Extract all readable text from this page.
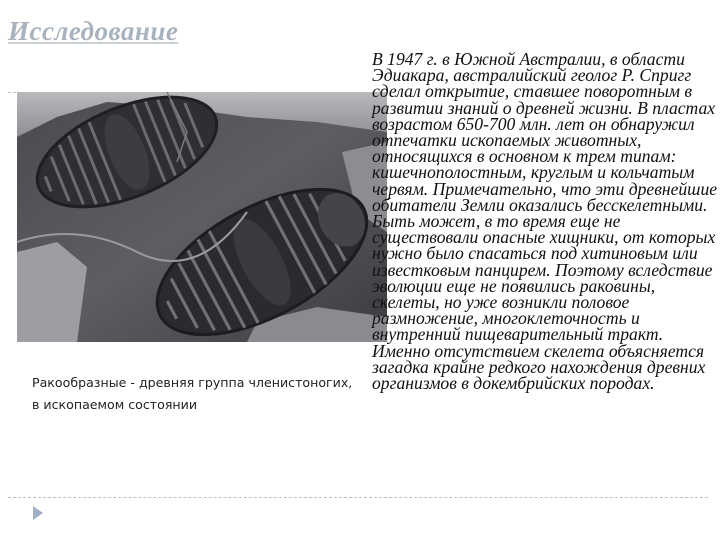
Исследование
Ракообразные - древняя группа членистоногих, в ископаемом состоянии

В 1947 г. в Южной Австралии, в области Эдиакара, австралийский геолог Р. Спригг сделал открытие, ставшее поворотным в развитии знаний о древней жизни. В пластах возрастом 650-700 млн. лет он обнаружил отпечатки ископаемых животных, относящихся в основном к трем типам: кишечнополостным, круглым и кольчатым червям. Примечательно, что эти древнейшие обитатели Земли оказались бесскелетными. Быть может, в то время еще не существовали опасные хищники, от которых нужно было спасаться под хитиновым или известковым панцирем. Поэтому вследствие эволюции еще не появились раковины, скелеты, но уже возникли половое размножение, многоклеточность и внутренний пищеварительный тракт. Именно отсутствием скелета объясняется загадка крайне редкого нахождения древних организмов в докембрийских породах.
